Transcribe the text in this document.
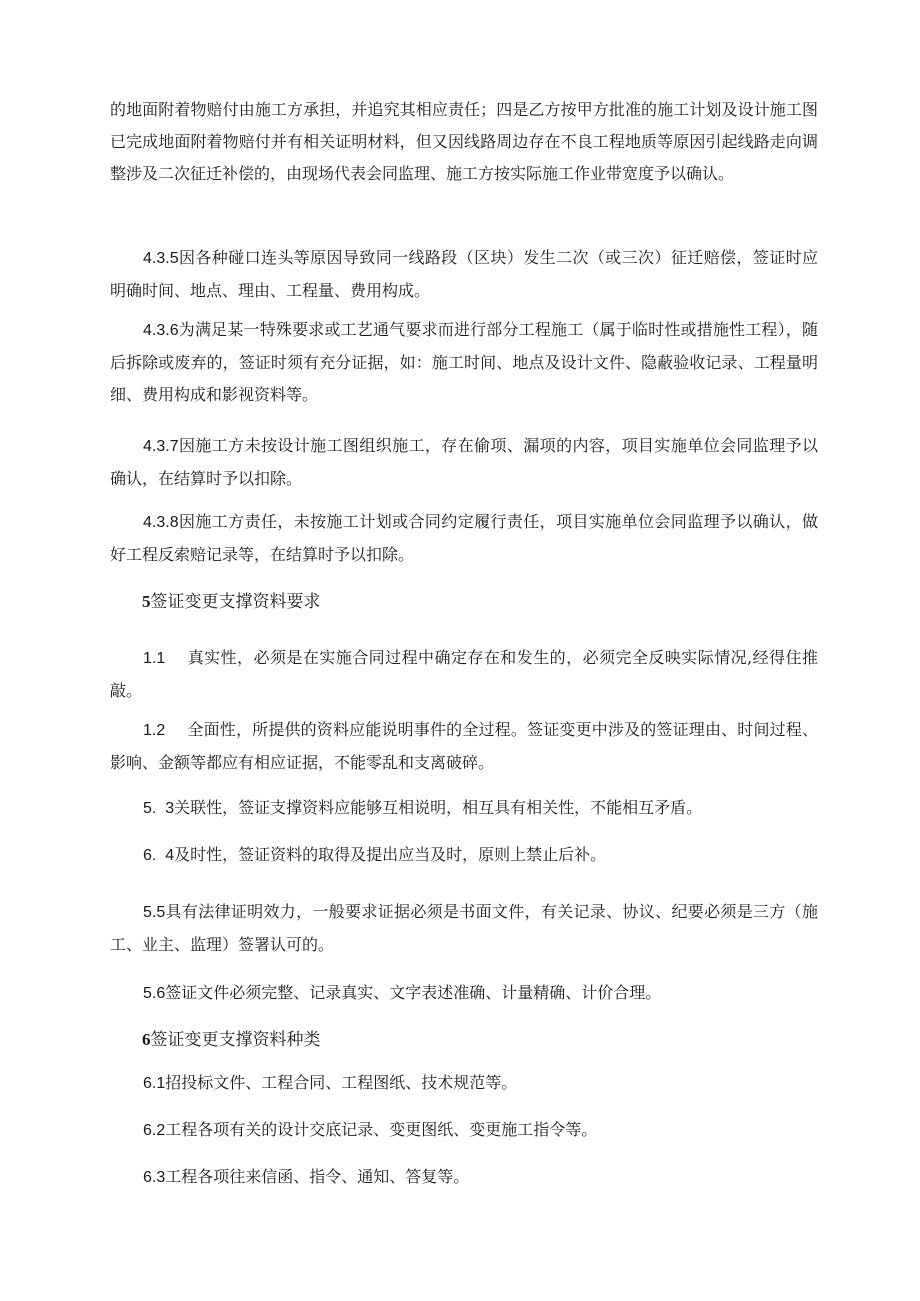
的地面附着物赔付由施工方承担，并追究其相应责任；四是乙方按甲方批准的施工计划及设计施工图已完成地面附着物赔付并有相关证明材料，但又因线路周边存在不良工程地质等原因引起线路走向调整涉及二次征迁补偿的，由现场代表会同监理、施工方按实际施工作业带宽度予以确认。

4.3.5因各种碰口连头等原因导致同一线路段（区块）发生二次（或三次）征迁赔偿，签证时应明确时间、地点、理由、工程量、费用构成。

4.3.6为满足某一特殊要求或工艺通气要求而进行部分工程施工（属于临时性或措施性工程），随后拆除或废弃的，签证时须有充分证据，如：施工时间、地点及设计文件、隐蔽验收记录、工程量明细、费用构成和影视资料等。

4.3.7因施工方未按设计施工图组织施工，存在偷项、漏项的内容，项目实施单位会同监理予以确认，在结算时予以扣除。

4.3.8因施工方责任，未按施工计划或合同约定履行责任，项目实施单位会同监理予以确认，做好工程反索赔记录等，在结算时予以扣除。

5签证变更支撑资料要求

1.1 真实性，必须是在实施合同过程中确定存在和发生的，必须完全反映实际情况,经得住推敲。

1.2 全面性，所提供的资料应能说明事件的全过程。签证变更中涉及的签证理由、时间过程、影响、金额等都应有相应证据，不能零乱和支离破碎。

5.  3关联性，签证支撑资料应能够互相说明，相互具有相关性，不能相互矛盾。

6.  4及时性，签证资料的取得及提出应当及时，原则上禁止后补。

5.5具有法律证明效力，一般要求证据必须是书面文件，有关记录、协议、纪要必须是三方（施工、业主、监理）签署认可的。

5.6签证文件必须完整、记录真实、文字表述准确、计量精确、计价合理。

6签证变更支撑资料种类

6.1招投标文件、工程合同、工程图纸、技术规范等。

6.2工程各项有关的设计交底记录、变更图纸、变更施工指令等。

6.3工程各项往来信函、指令、通知、答复等。
